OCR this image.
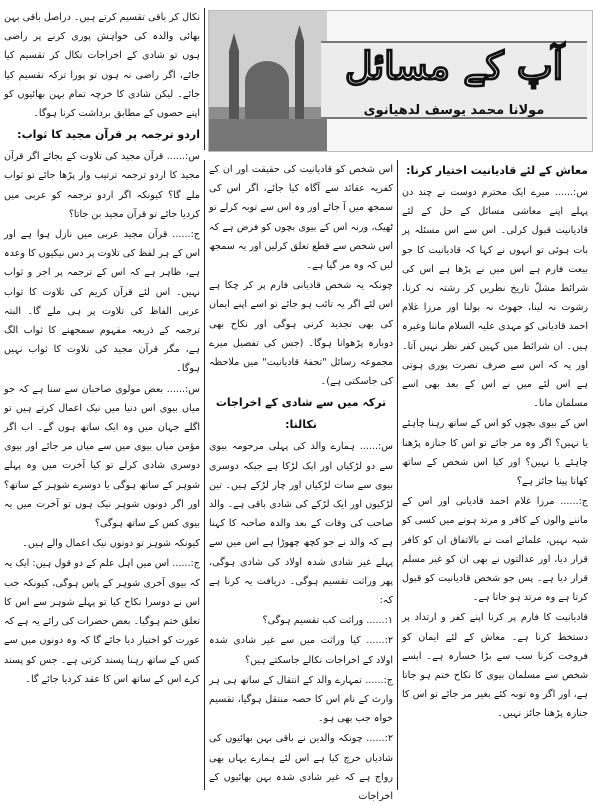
آپ کے مسائل
مولانا محمد یوسف لدھیانوی

معاش کے لئے قادیانیت اختیار کرنا:

س:...... میرے ایک محترم دوست نے چند دن پہلے اپنے معاشی مسائل کے حل کے لئے قادیانیت قبول کرلی۔ اس سے اس مسئلہ پر بات ہوئی تو انہوں نے کہا کہ قادیانیت کا جو بیعت فارم ہے اس میں نے پڑھا ہے اس کی شرائط مشلّ تاریخ نظریں کر رشتہ نہ کرنا، رشوت نہ لینا، جھوٹ نہ بولنا اور مرزا غلام احمد قادیانی کو مہدی علیہ السلام ماننا وغیرہ ہیں۔ ان شرائط میں کہیں کفر نظر نہیں آتا۔ اور یہ کہ اس سے صرف نصرت پوری ہوتی ہے اس لئے میں نے اس کے بعد بھی اسے مسلمان مانا۔

اس کے بیوی بچوں کو اس کے ساتھ رہنا چاہئے یا نہیں؟ اگر وہ مر جائے تو اس کا جنازہ پڑھنا چاہئے یا نہیں؟ اور کیا اس شخص کے ساتھ کھانا پینا جائز ہے؟

ج:...... مرزا غلام احمد قادیانی اور اس کے ماننے والوں کے کافر و مرتد ہونے میں کسی کو شبہ نہیں، علمائے امت نے بالاتفاق ان کو کافر قرار دیا، اور عدالتوں نے بھی ان کو غیر مسلم قرار دیا ہے۔ پس جو شخص قادیانیت کو قبول کرتا ہے وہ مرتد ہو جاتا ہے۔

قادیانیت کا فارم پر کرنا اپنے کفر و ارتداد پر دستخط کرنا ہے۔ معاش کے لئے ایمان کو فروخت کرنا سب سے بڑا خسارہ ہے۔ ایسے شخص سے مسلمان بیوی کا نکاح ختم ہو جاتا ہے، اور اگر وہ توبہ کئے بغیر مر جائے تو اس کا جنازہ پڑھنا جائز نہیں۔

اس شخص کو قادیانیت کی حقیقت اور ان کے کفریہ عقائد سے آگاہ کیا جائے، اگر اس کی سمجھ میں آ جائے اور وہ اس سے توبہ کرلے تو ٹھیک، ورنہ اس کے بیوی بچوں کو فرض ہے کہ اس شخص سے قطع تعلق کرلیں اور یہ سمجھ لیں کہ وہ مر گیا ہے۔

چونکہ یہ شخص قادیانی فارم پر کر چکا ہے اس لئے اگر یہ تائب ہو جائے تو اسے اپنے ایمان کی بھی تجدید کرنی ہوگی اور نکاح بھی دوبارہ پڑھوانا ہوگا۔ (جس کی تفصیل میرے مجموعہ رسائل "تحفۂ قادیانیت" میں ملاحظہ کی جاسکتی ہے)۔

ترکہ میں سے شادی کے اخراجات نکالنا:

س:...... ہمارے والد کی پہلی مرحومہ بیوی سے دو لڑکیاں اور ایک لڑکا ہے جبکہ دوسری بیوی سے سات لڑکیاں اور چار لڑکے ہیں۔ تین لڑکیوں اور ایک لڑکے کی شادی باقی ہے۔ والد صاحب کی وفات کے بعد والدہ صاحبہ کا کہنا ہے کہ والد نے جو کچھ چھوڑا ہے اس میں سے پہلے غیر شادی شدہ اولاد کی شادی ہوگی، پھر وراثت تقسیم ہوگی۔ دریافت یہ کرنا ہے کہ:

۱:...... وراثت کب تقسیم ہوگی؟

۲:...... کیا وراثت میں سے غیر شادی شدہ اولاد کے اخراجات نکالے جاسکتے ہیں؟

ج:...... تمہارے والد کے انتقال کے ساتھ ہی ہر وارث کے نام اس کا حصہ منتقل ہوگیا، تقسیم خواہ جب بھی ہو۔

۲:...... چونکہ والدین نے باقی بہن بھائیوں کی شادیاں خرچ کیا ہے اس لئے ہمارے یہاں بھی رواج ہے کہ غیر شادی شدہ بہن بھائیوں کے اخراجات

نکال کر باقی تقسیم کرتے ہیں۔ دراصل باقی بہن بھائی والدہ کی خواہش پوری کرنے پر راضی ہوں تو شادی کے اخراجات نکال کر تقسیم کیا جائے، اگر راضی نہ ہوں تو پورا ترکہ تقسیم کیا جائے۔ لیکن شادی کا خرچہ تمام بہن بھائیوں کو اپنے حصوں کے مطابق برداشت کرنا ہوگا۔

اردو ترجمہ پر قرآن مجید کا ثواب:

س:...... قرآن مجید کی تلاوت کے بجائے اگر قرآن مجید کا اردو ترجمہ ترتیب وار پڑھا جائے تو ثواب ملے گا؟ کیونکہ اگر اردو ترجمہ کو عربی میں کردیا جائے تو قرآن مجید بن جاتا؟

ج:...... قرآن مجید عربی میں نازل ہوا ہے اور اس کے ہر لفظ کی تلاوت پر دس نیکیوں کا وعدہ ہے، ظاہر ہے کہ اس کے ترجمہ پر اجر و ثواب نہیں۔ اس لئے قرآن کریم کی تلاوت کا ثواب عربی الفاظ کی تلاوت پر ہی ملے گا۔ البتہ ترجمہ کے ذریعہ مفہوم سمجھنے کا ثواب الگ ہے، مگر قرآن مجید کی تلاوت کا ثواب نہیں ہوگا۔

س:...... بعض مولوی صاحبان سے سنا ہے کہ جو میاں بیوی اس دنیا میں نیک اعمال کرتے ہیں تو اگلے جہان میں وہ ایک ساتھ ہوں گے۔ اب اگر مؤمن میاں بیوی میں سے میاں مر جائے اور بیوی دوسری شادی کرلے تو کیا آخرت میں وہ پہلے شوہر کے ساتھ ہوگی یا دوسرے شوہر کے ساتھ؟ اور اگر دونوں شوہر نیک ہوں تو آخرت میں یہ بیوی کس کے ساتھ ہوگی؟

کیونکہ شوہر تو دونوں نیک اعمال والے ہیں۔

ج:...... اس میں اہل علم کے دو قول ہیں: ایک یہ کہ بیوی آخری شوہر کے پاس ہوگی، کیونکہ جب اس نے دوسرا نکاح کیا تو پہلے شوہر سے اس کا تعلق ختم ہوگیا۔ بعض حضرات کی رائے یہ ہے کہ عورت کو اختیار دیا جائے گا کہ وہ دونوں میں سے کس کے ساتھ رہنا پسند کرتی ہے۔ جس کو پسند کرے اس کے ساتھ اس کا عقد کردیا جائے گا۔
